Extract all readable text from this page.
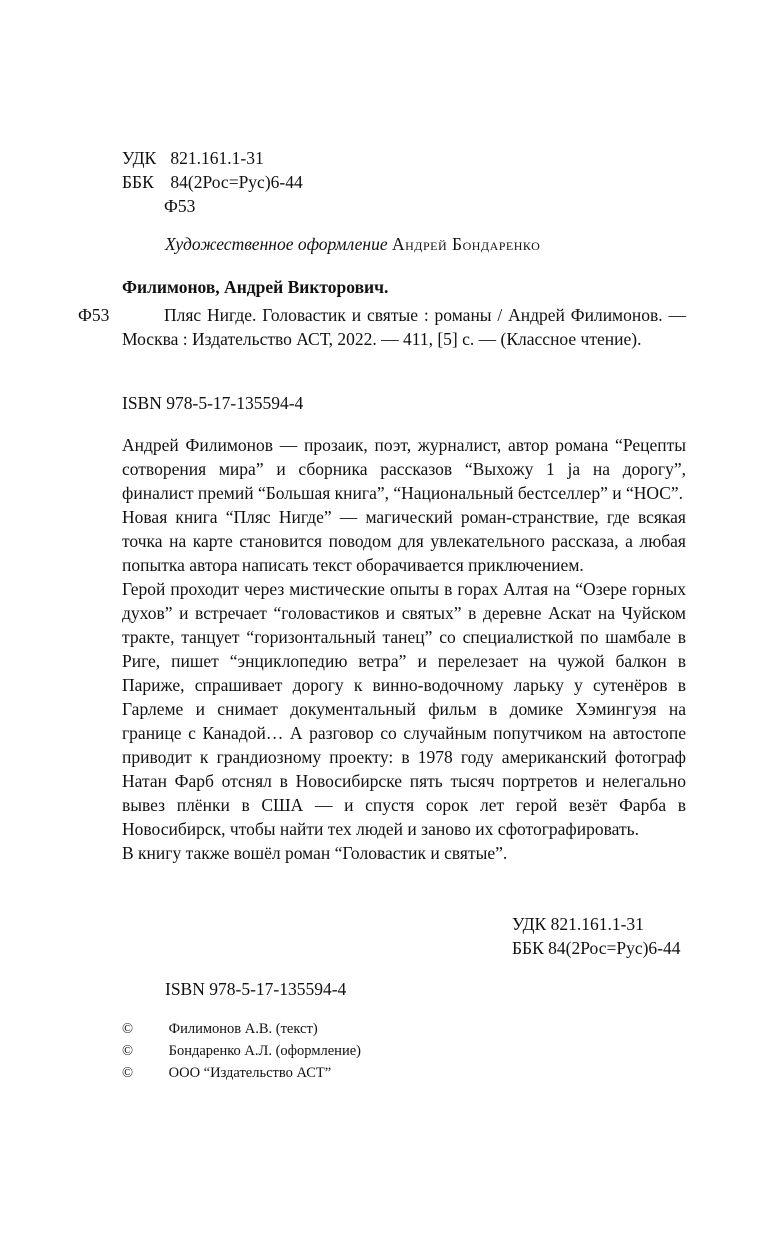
УДК 821.161.1-31
ББК 84(2Рос=Рус)6-44
Ф53
Художественное оформление Андрей Бондаренко
Филимонов, Андрей Викторович.
Ф53	Пляс Нигде. Головастик и святые : романы / Андрей Филимонов. — Москва : Издательство АСТ, 2022. — 411, [5] с. — (Классное чтение).
ISBN 978-5-17-135594-4

Андрей Филимонов — прозаик, поэт, журналист, автор романа “Рецепты сотворения мира” и сборника рассказов “Выхожу 1 ja на дорогу”, финалист премий “Большая книга”, “Национальный бестселлер” и “НОС”.

Новая книга “Пляс Нигде” — магический роман-странствие, где всякая точка на карте становится поводом для увлекательного рассказа, а любая попытка автора написать текст оборачивается приключением.

Герой проходит через мистические опыты в горах Алтая на “Озере горных духов” и встречает “головастиков и святых” в деревне Аскат на Чуйском тракте, танцует “горизонтальный танец” со специалисткой по шамбале в Риге, пишет “энциклопедию ветра” и перелезает на чужой балкон в Париже, спрашивает дорогу к винно-водочному ларьку у сутенёров в Гарлеме и снимает документальный фильм в домике Хэмингуэя на границе с Канадой… А разговор со случайным попутчиком на автостопе приводит к грандиозному проекту: в 1978 году американский фотограф Натан Фарб отснял в Новосибирске пять тысяч портретов и нелегально вывез плёнки в США — и спустя сорок лет герой везёт Фарба в Новосибирск, чтобы найти тех людей и заново их сфотографировать.

В книгу также вошёл роман “Головастик и святые”.

УДК 821.161.1-31
ББК 84(2Рос=Рус)6-44
ISBN 978-5-17-135594-4
© Филимонов А.В. (текст)
© Бондаренко А.Л. (оформление)
© ООО “Издательство АСТ”
